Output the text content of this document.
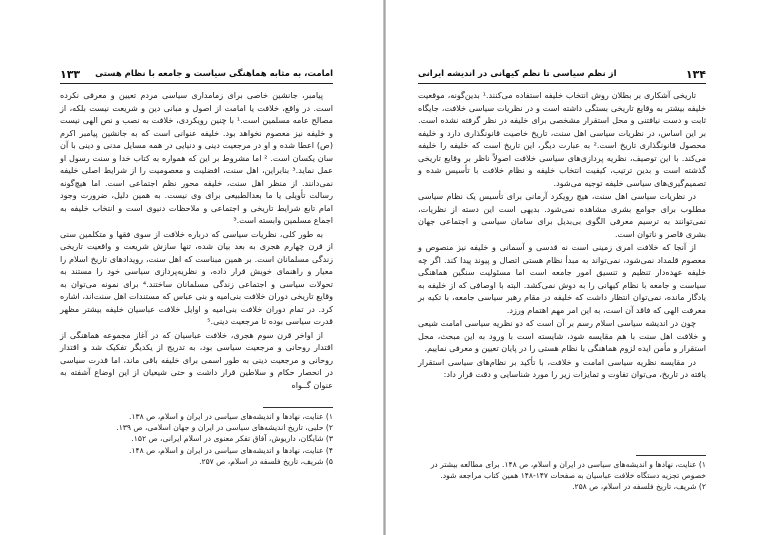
امامت، به مثابه هماهنگی سیاست و جامعه با نظام هستی
۱۳۳

پیامبر، جانشین خاصی برای زمامداری سیاسی مردم تعیین و معرفی نکرده است. در واقع، خلافت یا امامت از اصول و مبانی دین و شریعت نیست بلکه، از مصالح عامه مسلمین است.¹ با چنین رویکردی، خلافت به نصب و نص الهی نیست و خلیفه نیز معصوم نخواهد بود. خلیفه عنوانی است که به جانشین پیامبر اکرم (ص) اعطا شده و او در مرجعیت دینی و دنیایی در همه مسایل مدنی و دینی با آن سان یکسان است. ² اما مشروط بر این که همواره به کتاب خدا و سنت رسول او عمل نماید.³ بنابراین، اهل سنت، افضلیت و معصومیت را از شرایط اصلی خلیفه نمی‌دانند. از منظر اهل سنت، خلیفه محور نظم اجتماعی است. اما هیچ‌گونه رسالت تأویلی یا ما بعدالطبیعی برای وی نیست. به همین دلیل، ضرورت وجود امام تابع شرایط تاریخی و اجتماعی و ملاحظات دنیوی است و انتخاب خلیفه به اجماع مسلمین وابسته است.³

به طور کلی، نظریات سیاسی که درباره خلافت از سوی فقها و متکلمین سنی از قرن چهارم هجری به بعد بیان شده، تنها سازش شریعت و واقعیت تاریخی زندگی مسلمانان است. بر همین مبناست که اهل سنت، رویدادهای تاریخ اسلام را معیار و راهنمای خویش قرار داده، و نظریه‌پردازی سیاسی خود را مستند به تحولات سیاسی و اجتماعی زندگی مسلمانان ساختند.⁴ برای نمونه می‌توان به وقایع تاریخی دوران خلافت بنی‌امیه و بنی عباس که مستندات اهل سنت‌اند، اشاره کرد. در تمام دوران خلافت بنی‌امیه و اوایل خلافت عباسیان خلیفه بیشتر مظهر قدرت سیاسی بوده تا مرجعیت دینی.⁵

از اواخر قرن سوم هجری، خلافت عباسیان که در آغاز مجموعه هماهنگی از اقتدار روحانی و مرجعیت سیاسی بود، به تدریج از یکدیگر تفکیک شد و اقتدار روحانی و مرجعیت دینی به طور اسمی برای خلیفه باقی ماند، اما قدرت سیاسی در انحصار حکام و سلاطین قرار داشت و حتی شیعیان از این اوضاع آشفته به عنوان گــواه

۱) عنایت، نهادها و اندیشه‌های سیاسی در ایران و اسلام، ص ۱۳۸.
۲) حلبی، تاریخ اندیشه‌های سیاسی در ایران و جهان اسلامی، ص ۱۳۹.
۳) شایگان، داریوش، آفاق تفکر معنوی در اسلام ایرانی، ص ۱۵۲.
۴) عنایت، نهادها و اندیشه‌های سیاسی در ایران و اسلام، ص ۱۴۸.
۵) شریف، تاریخ فلسفه در اسلام، ص ۲۵۷.
۱۳۴
از نظم سیاسی تا نظم کیهانی در اندیشه ایرانی

تاریخی آشکاری بر بطلان روش انتخاب خلیفه استفاده می‌کنند.¹ بدین‌گونه، موقعیت خلیفه بیشتر به وقایع تاریخی بستگی داشته است و در نظریات سیاسی خلافت، جایگاه ثابت و دست نیافتنی و محل استقرار مشخصی برای خلیفه در نظر گرفته نشده است. بر این اساس، در نظریات سیاسی اهل سنت، تاریخ خاصیت قانونگذاری دارد و خلیفه محصول قانونگذاری تاریخ است.² به عبارت دیگر، این تاریخ است که خلیفه را خلیفه می‌کند. با این توصیف، نظریه پردازی‌های سیاسی خلافت اصولاً ناظر بر وقایع تاریخی گذشته است و بدین ترتیب، کیفیت انتخاب خلیفه و نظام خلافت با تأسیس شده و تصمیم‌گیری‌های سیاسی خلیفه توجیه می‌شود.

در نظریات سیاسی اهل سنت، هیچ رویکرد آرمانی برای تأسیس یک نظام سیاسی مطلوب برای جوامع بشری مشاهده نمی‌شود. بدیهی است این دسته از نظریات، نمی‌توانند به ترسیم معرفی الگوی بی‌بدیل برای سامان سیاسی و اجتماعی جهان بشری قاصر و ناتوان است.

از آنجا که خلافت امری زمینی است نه قدسی و آسمانی و خلیفه نیز منصوص و معصوم قلمداد نمی‌شود، نمی‌تواند به مبدأ نظام هستی اتصال و پیوند پیدا کند. اگر چه خلیفه عهده‌دار تنظیم و تنسیق امور جامعه است اما مسئولیت سنگین هماهنگی سیاست و جامعه با نظام کیهانی را به دوش نمی‌کشد. البته با اوصافی که از خلیفه به یادگار مانده، نمی‌توان انتظار داشت که خلیفه در مقام رهبر سیاسی جامعه، با تکیه بر معرفت الهی که فاقد آن است، به این امر مهم اهتمام ورزد.

چون در اندیشه سیاسی اسلام رسم بر آن است که دو نظریه سیاسی امامت شیعی و خلافت اهل سنت با هم مقایسه شود، شایسته است با ورود به این مبحث، محل استقرار و مأمن ایده لزوم هماهنگی با نظام هستی را در پایان تعیین و معرفی نماییم.

در مقایسه نظریه سیاسی امامت و خلافت، با تأکید بر نظام‌های سیاسی استقرار یافته در تاریخ، می‌توان تفاوت و تمایزات زیر را مورد شناسایی و دقت قرار داد:

۱) عنایت، نهادها و اندیشه‌های سیاسی در ایران و اسلام، ص ۱۴۸. برای مطالعه بیشتر در خصوص تجزیه دستگاه خلافت عباسیان به صفحات ۱۴۷-۱۴۸ همین کتاب مراجعه شود.
۲) شریف، تاریخ فلسفه در اسلام، ص ۲۵۸.
